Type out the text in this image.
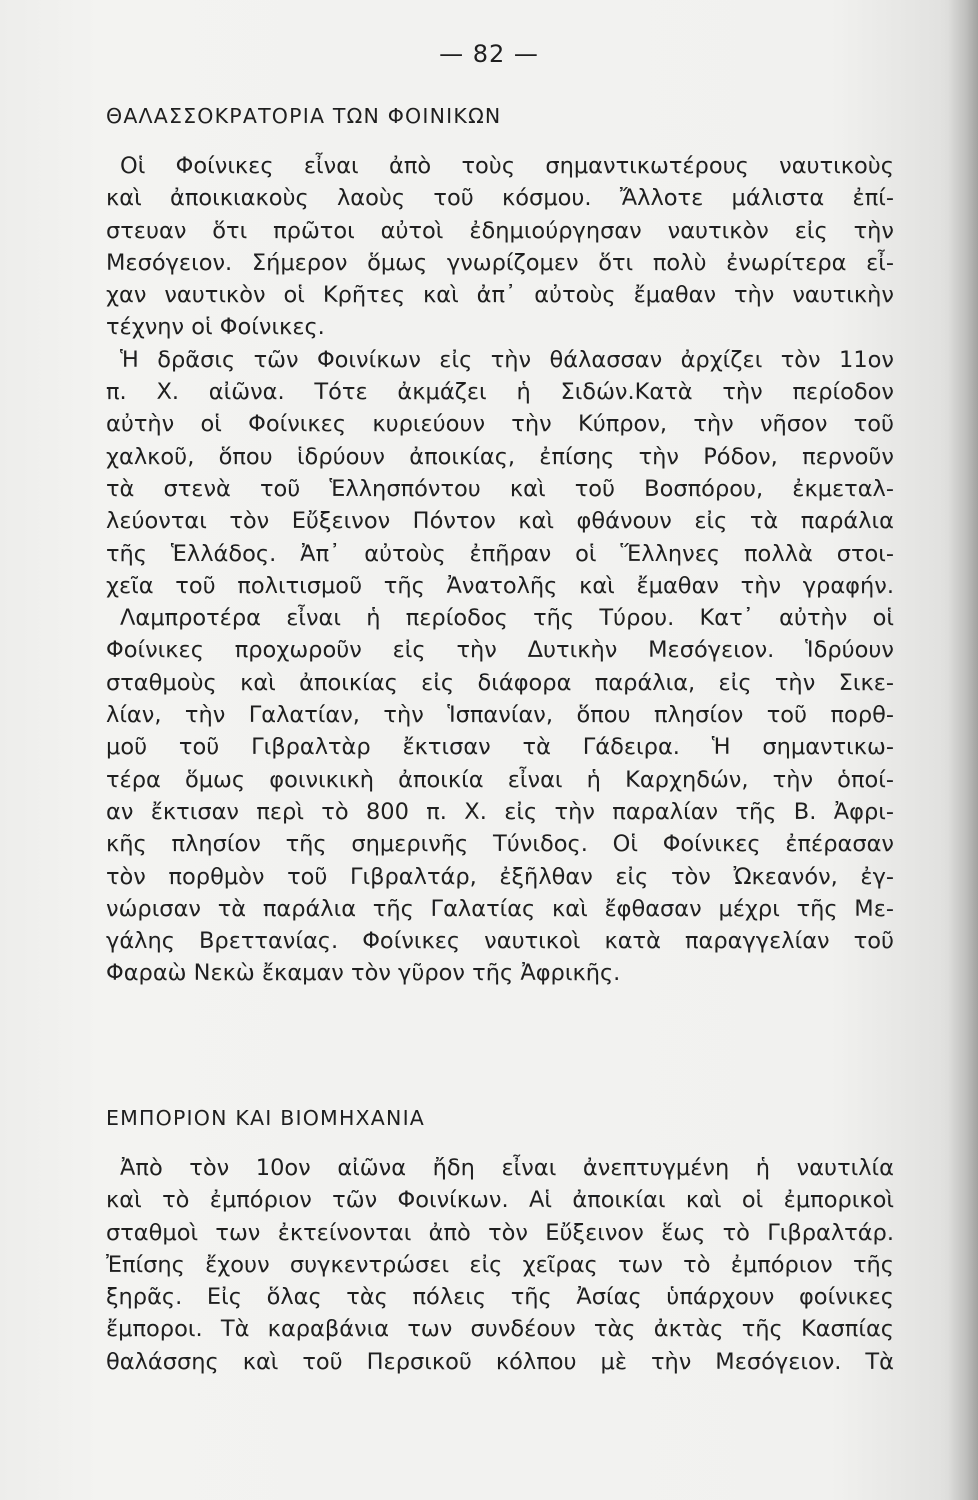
— 82 —
ΘΑΛΑΣΣΟΚΡΑΤΟΡΙΑ ΤΩΝ ΦΟΙΝΙΚΩΝ
Οἱ Φοίνικες εἶναι ἀπὸ τοὺς σημαντικωτέρους ναυτικοὺς
καὶ ἀποικιακοὺς λαοὺς τοῦ κόσμου. Ἄλλοτε μάλιστα ἐπί-
στευαν ὅτι πρῶτοι αὐτοὶ ἐδημιούργησαν ναυτικὸν εἰς τὴν
Μεσόγειον. Σήμερον ὅμως γνωρίζομεν ὅτι πολὺ ἐνωρίτερα εἶ-
χαν ναυτικὸν οἱ Κρῆτες καὶ ἀπ᾽ αὐτοὺς ἔμαθαν τὴν ναυτικὴν
τέχνην οἱ Φοίνικες.
Ἡ δρᾶσις τῶν Φοινίκων εἰς τὴν θάλασσαν ἀρχίζει τὸν 11ον
π. Χ. αἰῶνα. Τότε ἀκμάζει ἡ Σιδών.Κατὰ τὴν περίοδον
αὐτὴν οἱ Φοίνικες κυριεύουν τὴν Κύπρον, τὴν νῆσον τοῦ
χαλκοῦ, ὅπου ἱδρύουν ἀποικίας, ἐπίσης τὴν Ρόδον, περνοῦν
τὰ στενὰ τοῦ Ἑλλησπόντου καὶ τοῦ Βοσπόρου, ἐκμεταλ-
λεύονται τὸν Εὔξεινον Πόντον καὶ φθάνουν εἰς τὰ παράλια
τῆς Ἑλλάδος. Ἀπ᾽ αὐτοὺς ἐπῆραν οἱ Ἕλληνες πολλὰ στοι-
χεῖα τοῦ πολιτισμοῦ τῆς Ἀνατολῆς καὶ ἔμαθαν τὴν γραφήν.
Λαμπροτέρα εἶναι ἡ περίοδος τῆς Τύρου. Κατ᾽ αὐτὴν οἱ
Φοίνικες προχωροῦν εἰς τὴν Δυτικὴν Μεσόγειον. Ἱδρύουν
σταθμοὺς καὶ ἀποικίας εἰς διάφορα παράλια, εἰς τὴν Σικε-
λίαν, τὴν Γαλατίαν, τὴν Ἱσπανίαν, ὅπου πλησίον τοῦ πορθ-
μοῦ τοῦ Γιβραλτὰρ ἔκτισαν τὰ Γάδειρα. Ἡ σημαντικω-
τέρα ὅμως φοινικικὴ ἀποικία εἶναι ἡ Καρχηδών, τὴν ὁποί-
αν ἔκτισαν περὶ τὸ 800 π. Χ. εἰς τὴν παραλίαν τῆς Β. Ἀφρι-
κῆς πλησίον τῆς σημερινῆς Τύνιδος. Οἱ Φοίνικες ἐπέρασαν
τὸν πορθμὸν τοῦ Γιβραλτάρ, ἐξῆλθαν εἰς τὸν Ὠκεανόν, ἐγ-
νώρισαν τὰ παράλια τῆς Γαλατίας καὶ ἔφθασαν μέχρι τῆς Με-
γάλης Βρεττανίας. Φοίνικες ναυτικοὶ κατὰ παραγγελίαν τοῦ
Φαραὼ Νεκὼ ἔκαμαν τὸν γῦρον τῆς Ἀφρικῆς.
ΕΜΠΟΡΙΟΝ ΚΑΙ ΒΙΟΜΗΧΑΝΙΑ
Ἀπὸ τὸν 10ον αἰῶνα ἤδη εἶναι ἀνεπτυγμένη ἡ ναυτιλία
καὶ τὸ ἐμπόριον τῶν Φοινίκων. Αἱ ἀποικίαι καὶ οἱ ἐμπορικοὶ
σταθμοὶ των ἐκτείνονται ἀπὸ τὸν Εὔξεινον ἕως τὸ Γιβραλτάρ.
Ἐπίσης ἔχουν συγκεντρώσει εἰς χεῖρας των τὸ ἐμπόριον τῆς
ξηρᾶς. Εἰς ὅλας τὰς πόλεις τῆς Ἀσίας ὑπάρχουν φοίνικες
ἔμποροι. Τὰ καραβάνια των συνδέουν τὰς ἀκτὰς τῆς Κασπίας
θαλάσσης καὶ τοῦ Περσικοῦ κόλπου μὲ τὴν Μεσόγειον. Τὰ
